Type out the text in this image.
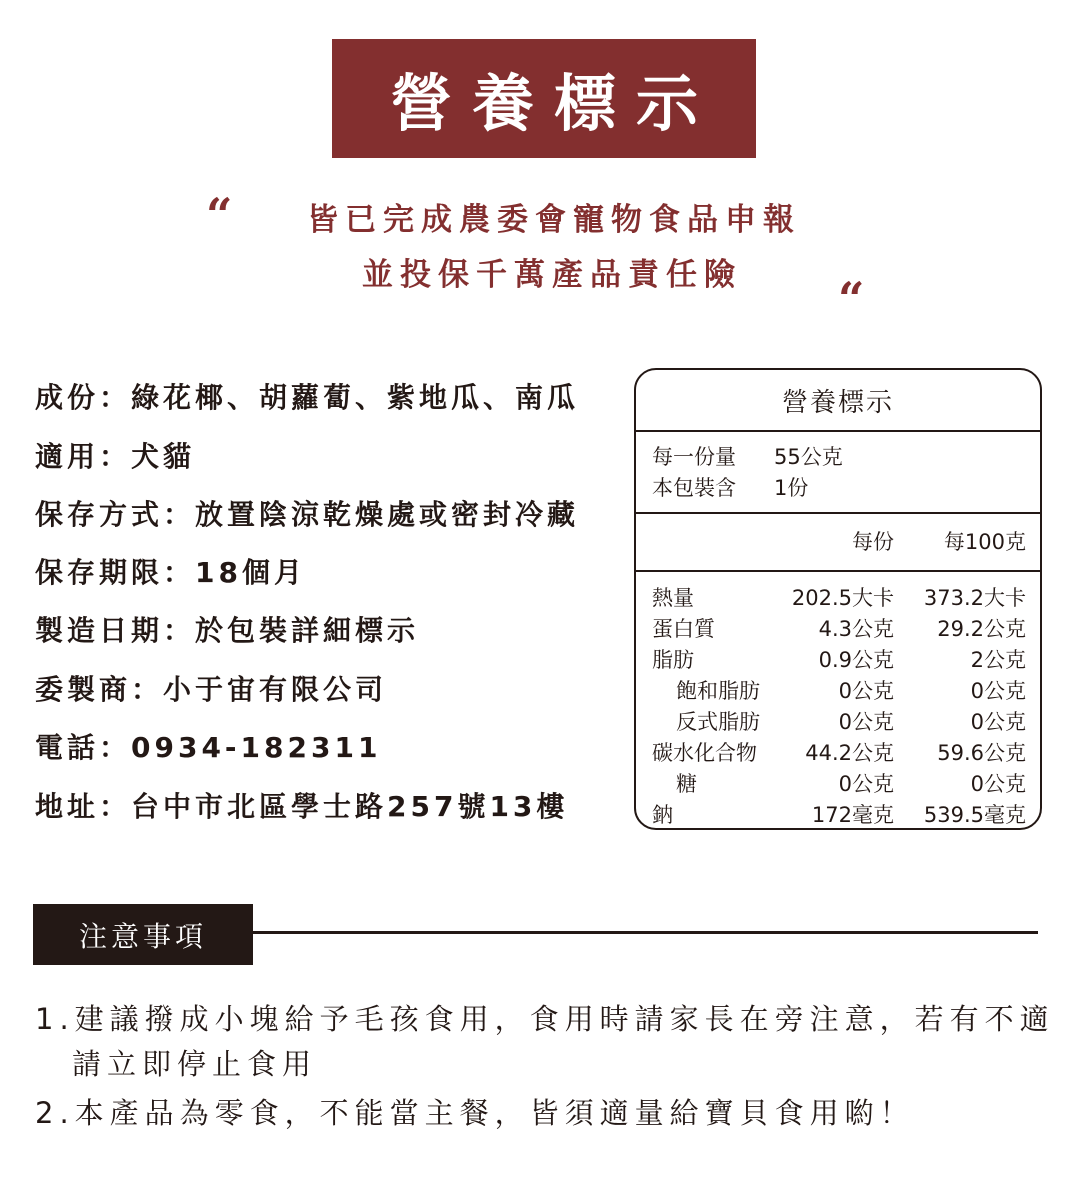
營養標示
“	皆已完成農委會寵物食品申報
並投保千萬產品責任險	“
成份：綠花椰、胡蘿蔔、紫地瓜、南瓜
適用：犬貓
保存方式：放置陰涼乾燥處或密封冷藏
保存期限：18個月
製造日期：於包裝詳細標示
委製商：小于宙有限公司
電話：0934-182311
地址：台中市北區學士路257號13樓
營養標示
每一份量	55公克
本包裝含	1份
每份 每100克
熱量	202.5大卡 373.2大卡
蛋白質	4.3公克 29.2公克
脂肪	0.9公克	2公克
飽和脂肪	0公克	0公克
反式脂肪	0公克	0公克
碳水化合物 44.2公克 59.6公克
糖	0公克	0公克
鈉	172毫克 539.5毫克
注意事項
1.建議撥成小塊給予毛孩食用，食用時請家長在旁注意，若有不適
請立即停止食用
2.本產品為零食，不能當主餐，皆須適量給寶貝食用喲！
